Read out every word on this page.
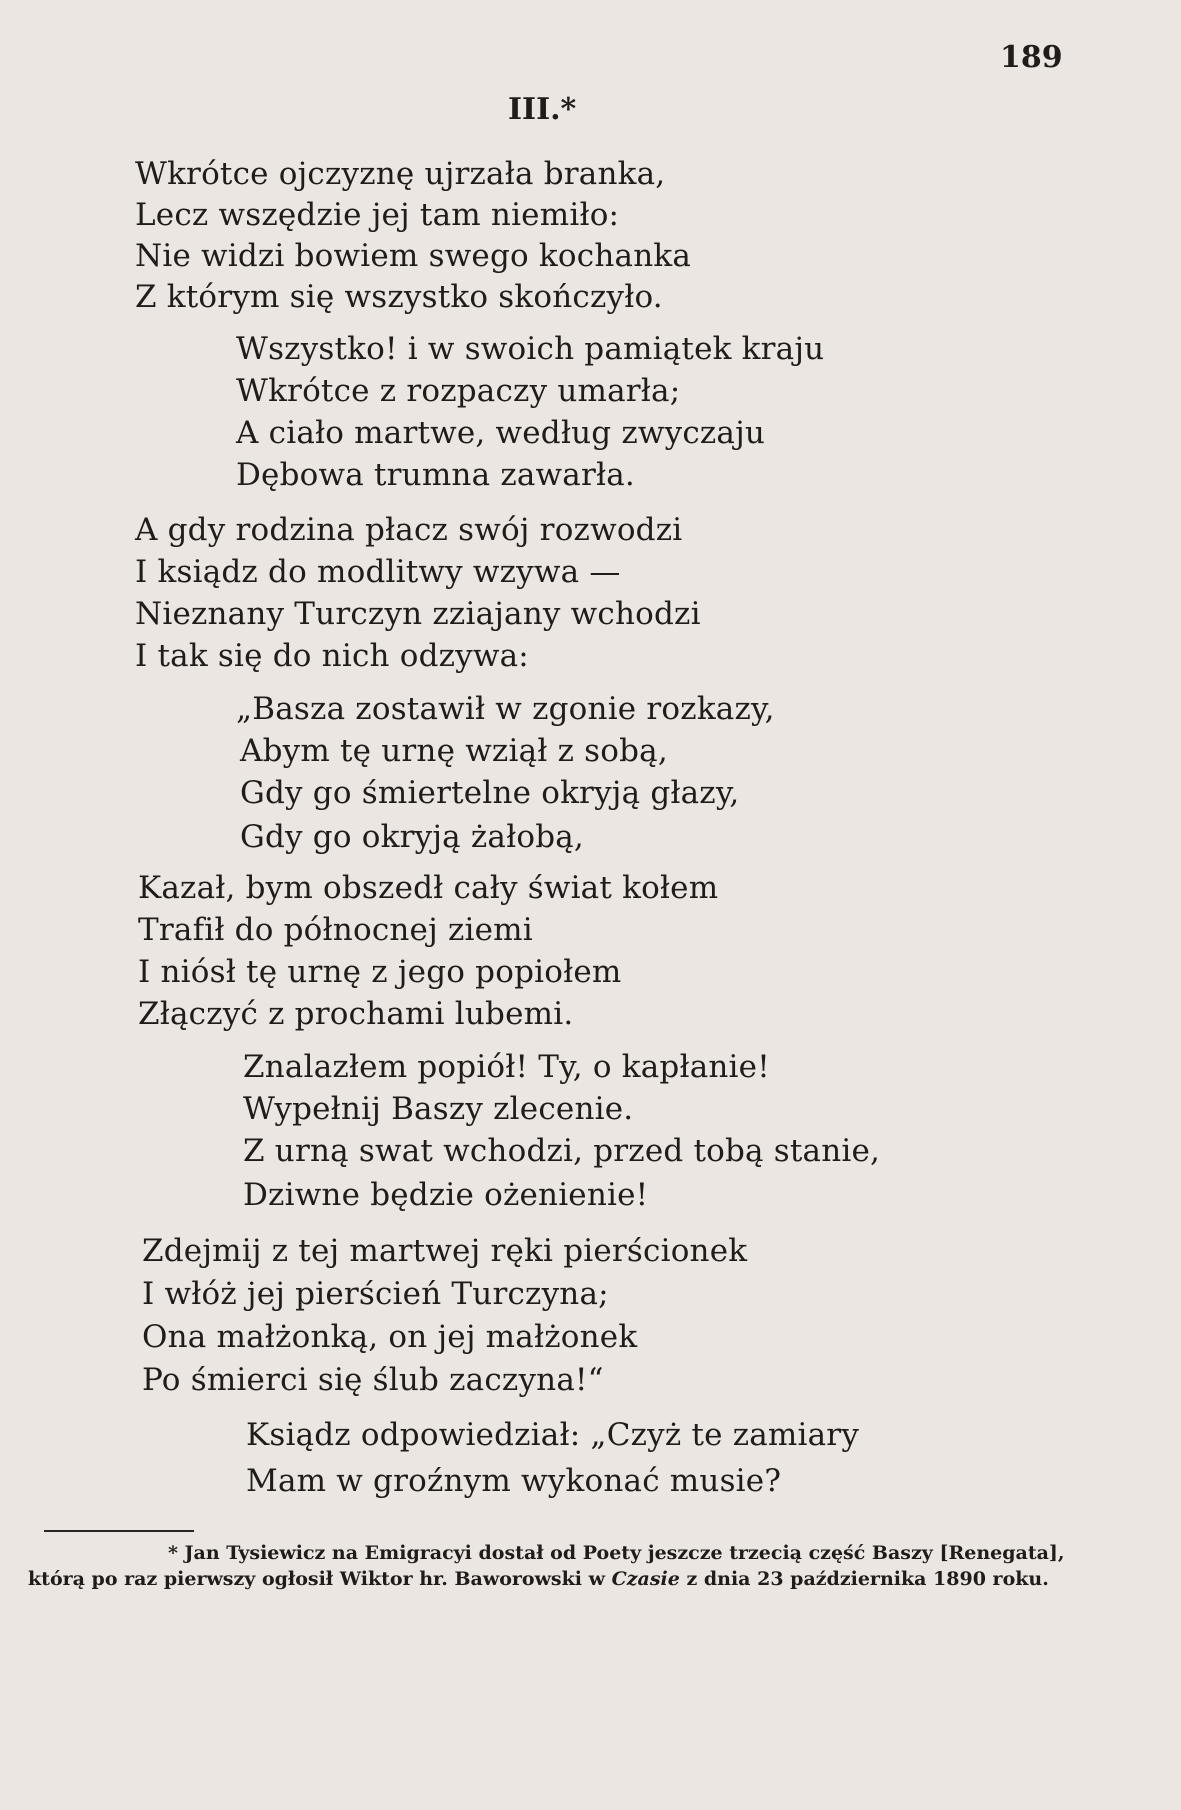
189
III.*
Wkrótce ojczyznę ujrzała branka,
Lecz wszędzie jej tam niemiło:
Nie widzi bowiem swego kochanka
Z którym się wszystko skończyło.
Wszystko! i w swoich pamiątek kraju
Wkrótce z rozpaczy umarła;
A ciało martwe, według zwyczaju
Dębowa trumna zawarła.
A gdy rodzina płacz swój rozwodzi
I ksiądz do modlitwy wzywa —
Nieznany Turczyn zziajany wchodzi
I tak się do nich odzywa:
„Basza zostawił w zgonie rozkazy,
Abym tę urnę wziął z sobą,
Gdy go śmiertelne okryją głazy,
Gdy go okryją żałobą,
Kazał, bym obszedł cały świat kołem
Trafił do północnej ziemi
I niósł tę urnę z jego popiołem
Złączyć z prochami lubemi.
Znalazłem popiół! Ty, o kapłanie!
Wypełnij Baszy zlecenie.
Z urną swat wchodzi, przed tobą stanie,
Dziwne będzie ożenienie!
Zdejmij z tej martwej ręki pierścionek
I włóż jej pierścień Turczyna;
Ona małżonką, on jej małżonek
Po śmierci się ślub zaczyna!“
Ksiądz odpowiedział: „Czyż te zamiary
Mam w groźnym wykonać musie?
* Jan Tysiewicz na Emigracyi dostał od Poety jeszcze trzecią część Baszy [Renegata], którą po raz pierwszy ogłosił Wiktor hr. Baworowski w Czasie z dnia 23 października 1890 roku.
